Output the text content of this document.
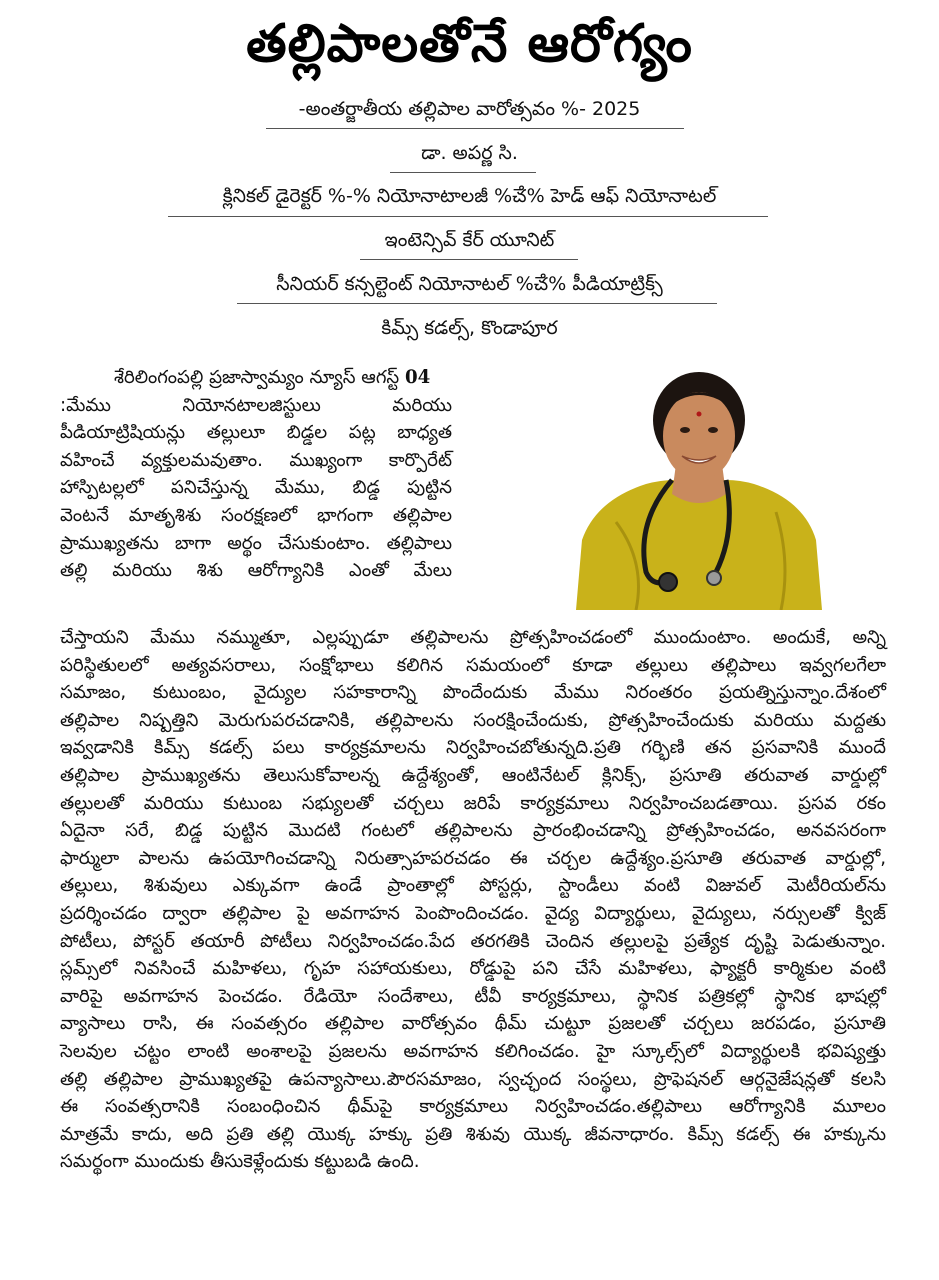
తల్లిపాలతోనే ఆరోగ్యం
-అంతర్జాతీయ తల్లిపాల వారోత్సవం %- 2025
డా. అపర్ణ సి.
క్లినికల్ డైరెక్టర్ %-% నియోనాటాలజీ %ౘ% హెడ్ ఆఫ్ నియోనాటల్
ఇంటెన్సివ్ కేర్ యూనిట్
సీనియర్ కన్సల్టెంట్ నియోనాటల్ %ౘ% పీడియాట్రిక్స్
కిమ్స్ కడల్స్, కొండాపూర
శేరిలింగంపల్లి ప్రజాస్వామ్యం న్యూస్ ఆగస్ట్ 04
:మేము నియోనటాలజిస్టులు మరియు
పీడియాట్రిషియన్లు తల్లులూ బిడ్డల పట్ల బాధ్యత
వహించే వ్యక్తులమవుతాం. ముఖ్యంగా కార్పొరేట్
హాస్పిటల్లలో పనిచేస్తున్న మేము, బిడ్డ పుట్టిన
వెంటనే మాతృశిశు సంరక్షణలో భాగంగా తల్లిపాల
ప్రాముఖ్యతను బాగా అర్థం చేసుకుంటాం. తల్లిపాలు
తల్లి మరియు శిశు ఆరోగ్యానికి ఎంతో మేలు
చేస్తాయని మేము నమ్ముతూ, ఎల్లప్పుడూ తల్లిపాలను ప్రోత్సహించడంలో ముందుంటాం. అందుకే, అన్ని
పరిస్థితులలో అత్యవసరాలు, సంక్షోభాలు కలిగిన సమయంలో కూడా తల్లులు తల్లిపాలు ఇవ్వగలగేలా
సమాజం, కుటుంబం, వైద్యుల సహకారాన్ని పొందేందుకు మేము నిరంతరం ప్రయత్నిస్తున్నాం.దేశంలో
తల్లిపాల నిష్పత్తిని మెరుగుపరచడానికి, తల్లిపాలను సంరక్షించేందుకు, ప్రోత్సహించేందుకు మరియు మద్దతు
ఇవ్వడానికి కిమ్స్ కడల్స్ పలు కార్యక్రమాలను నిర్వహించబోతున్నది.ప్రతి గర్భిణి తన ప్రసవానికి ముందే
తల్లిపాల ప్రాముఖ్యతను తెలుసుకోవాలన్న ఉద్దేశ్యంతో, ఆంటినేటల్ క్లినిక్స్, ప్రసూతి తరువాత వార్డుల్లో
తల్లులతో మరియు కుటుంబ సభ్యులతో చర్చలు జరిపే కార్యక్రమాలు నిర్వహించబడతాయి. ప్రసవ రకం
ఏదైనా సరే, బిడ్డ పుట్టిన మొదటి గంటలో తల్లిపాలను ప్రారంభించడాన్ని ప్రోత్సహించడం, అనవసరంగా
ఫార్ములా పాలను ఉపయోగించడాన్ని నిరుత్సాహపరచడం ఈ చర్చల ఉద్దేశ్యం.ప్రసూతి తరువాత వార్డుల్లో,
తల్లులు, శిశువులు ఎక్కువగా ఉండే ప్రాంతాల్లో పోస్టర్లు, స్టాండీలు వంటి విజువల్ మెటీరియల్‌ను
ప్రదర్శించడం ద్వారా తల్లిపాల పై అవగాహన పెంపొందించడం. వైద్య విద్యార్థులు, వైద్యులు, నర్సులతో క్విజ్
పోటీలు, పోస్టర్ తయారీ పోటీలు నిర్వహించడం.పేద తరగతికి చెందిన తల్లులపై ప్రత్యేక దృష్టి పెడుతున్నాం.
స్లమ్స్‌లో నివసించే మహిళలు, గృహ సహాయకులు, రోడ్డుపై పని చేసే మహిళలు, ఫ్యాక్టరీ కార్మికుల వంటి
వారిపై అవగాహన పెంచడం. రేడియో సందేశాలు, టీవీ కార్యక్రమాలు, స్థానిక పత్రికల్లో స్థానిక భాషల్లో
వ్యాసాలు రాసి, ఈ సంవత్సరం తల్లిపాల వారోత్సవం థీమ్ చుట్టూ ప్రజలతో చర్చలు జరపడం, ప్రసూతి
సెలవుల చట్టం లాంటి అంశాలపై ప్రజలను అవగాహన కలిగించడం. హై స్కూల్స్‌లో విద్యార్థులకి భవిష్యత్తు
తల్లి తల్లిపాల ప్రాముఖ్యతపై ఉపన్యాసాలు.పౌరసమాజం, స్వచ్ఛంద సంస్థలు, ప్రొఫెషనల్ ఆర్గనైజేషన్లతో కలసి
ఈ సంవత్సరానికి సంబంధించిన థీమ్‌పై కార్యక్రమాలు నిర్వహించడం.తల్లిపాలు ఆరోగ్యానికి మూలం
మాత్రమే కాదు, అది ప్రతి తల్లి యొక్క హక్కు ప్రతి శిశువు యొక్క జీవనాధారం. కిమ్స్ కడల్స్ ఈ హక్కును
సమర్థంగా ముందుకు తీసుకెళ్లేందుకు కట్టుబడి ఉంది.
